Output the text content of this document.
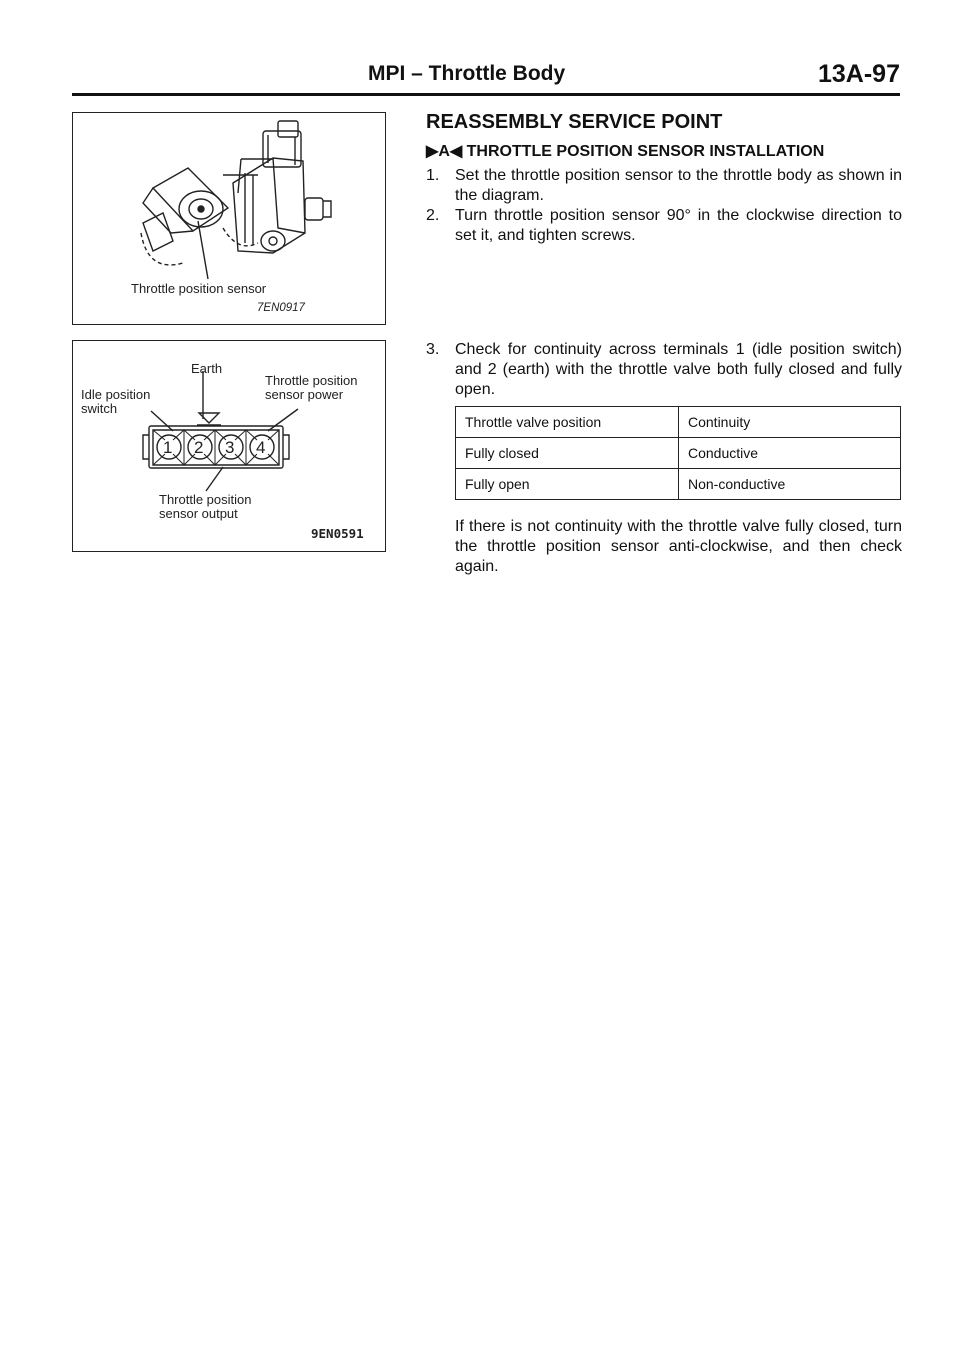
MPI – Throttle Body	13A-97
Throttle position sensor
7EN0917
Earth
Throttle position
sensor power
Idle position
switch
1 2 3 4
Throttle position
sensor output
9EN0591
REASSEMBLY SERVICE POINT
▶A◀ THROTTLE POSITION SENSOR INSTALLATION
1. Set the throttle position sensor to the throttle body as shown in the diagram.
2. Turn throttle position sensor 90° in the clockwise direction to set it, and tighten screws.
3. Check for continuity across terminals 1 (idle position switch) and 2 (earth) with the throttle valve both fully closed and fully open.
Throttle valve position	Continuity
Fully closed	Conductive
Fully open	Non-conductive
If there is not continuity with the throttle valve fully closed, turn the throttle position sensor anti-clockwise, and then check again.
